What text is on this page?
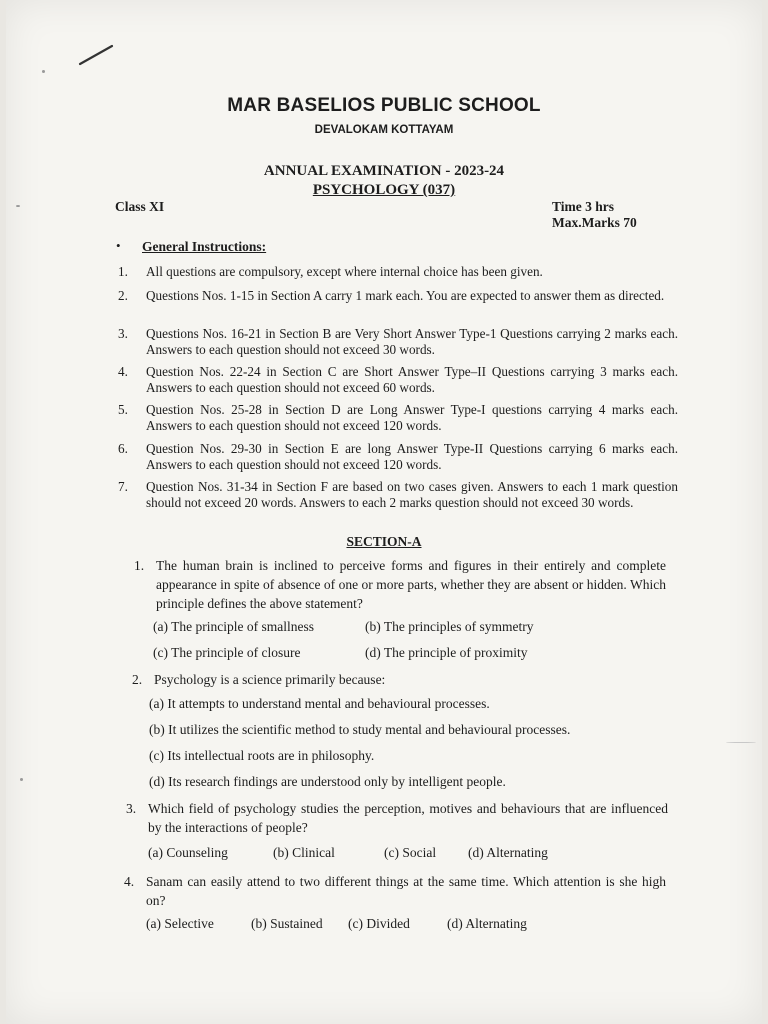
MAR BASELIOS PUBLIC SCHOOL
DEVALOKAM KOTTAYAM
ANNUAL EXAMINATION - 2023-24
PSYCHOLOGY (037)
Class XI	Time 3 hrs
Max.Marks 70
• General Instructions:
1.	All questions are compulsory, except where internal choice has been given.
2.	Questions Nos. 1-15 in Section A carry 1 mark each. You are expected to answer them as directed.
3.	Questions Nos. 16-21 in Section B are Very Short Answer Type-1 Questions carrying 2 marks each. Answers to each question should not exceed 30 words.
4.	Question Nos. 22-24 in Section C are Short Answer Type–II Questions carrying 3 marks each. Answers to each question should not exceed 60 words.
5.	Question Nos. 25-28 in Section D are Long Answer Type-I questions carrying 4 marks each. Answers to each question should not exceed 120 words.
6.	Question Nos. 29-30 in Section E are long Answer Type-II Questions carrying 6 marks each. Answers to each question should not exceed 120 words.
7.	Question Nos. 31-34 in Section F are based on two cases given. Answers to each 1 mark question should not exceed 20 words. Answers to each 2 marks question should not exceed 30 words.
SECTION-A
1. The human brain is inclined to perceive forms and figures in their entirely and complete appearance in spite of absence of one or more parts, whether they are absent or hidden. Which principle defines the above statement?
(a) The principle of smallness	(b) The principles of symmetry
(c) The principle of closure	(d) The principle of proximity
2. Psychology is a science primarily because:
(a) It attempts to understand mental and behavioural processes.
(b) It utilizes the scientific method to study mental and behavioural processes.
(c) Its intellectual roots are in philosophy.
(d) Its research findings are understood only by intelligent people.
3. Which field of psychology studies the perception, motives and behaviours that are influenced by the interactions of people?
(a) Counseling	(b) Clinical	(c) Social (d) Alternating
4. Sanam can easily attend to two different things at the same time. Which attention is she high on?
(a) Selective	(b) Sustained (c) Divided	(d) Alternating
